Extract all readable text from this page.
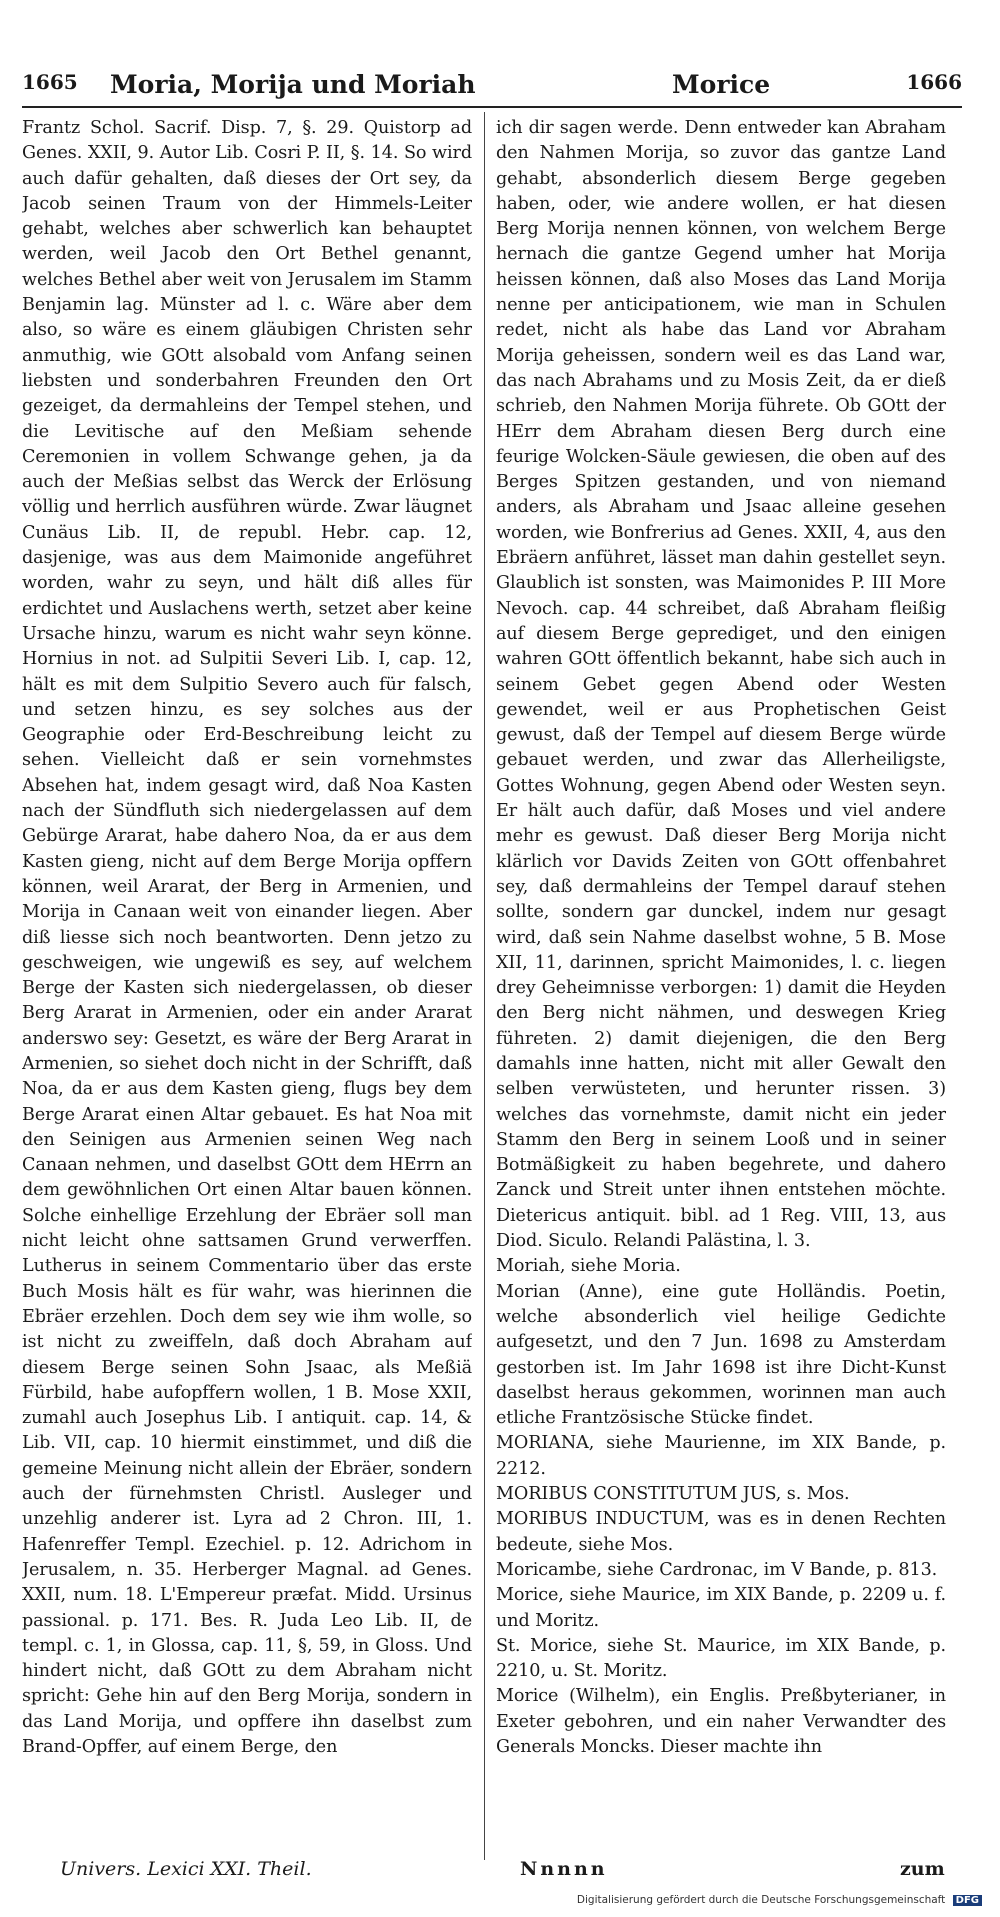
1665 Moria, Morija und Moriah	Morice	1666

Frantz Schol. Sacrif. Disp. 7, §. 29. Quistorp ad Genes. XXII, 9. Autor Lib. Cosri P. II, §. 14. So wird auch dafür gehalten, daß dieses der Ort sey, da Jacob seinen Traum von der Himmels-Leiter gehabt, welches aber schwerlich kan behauptet werden, weil Jacob den Ort Bethel genannt, welches Bethel aber weit von Jerusalem im Stamm Benjamin lag. Münster ad l. c. Wäre aber dem also, so wäre es einem gläubigen Christen sehr anmuthig, wie GOtt alsobald vom Anfang seinen liebsten und sonderbahren Freunden den Ort gezeiget, da dermahleins der Tempel stehen, und die Levitische auf den Meßiam sehende Ceremonien in vollem Schwange gehen, ja da auch der Meßias selbst das Werck der Erlösung völlig und herrlich ausführen würde. Zwar läugnet Cunäus Lib. II, de republ. Hebr. cap. 12, dasjenige, was aus dem Maimonide angeführet worden, wahr zu seyn, und hält diß alles für erdichtet und Auslachens werth, setzet aber keine Ursache hinzu, warum es nicht wahr seyn könne. Hornius in not. ad Sulpitii Severi Lib. I, cap. 12, hält es mit dem Sulpitio Severo auch für falsch, und setzen hinzu, es sey solches aus der Geographie oder Erd-Beschreibung leicht zu sehen. Vielleicht daß er sein vornehmstes Absehen hat, indem gesagt wird, daß Noa Kasten nach der Sündfluth sich niedergelassen auf dem Gebürge Ararat, habe dahero Noa, da er aus dem Kasten gieng, nicht auf dem Berge Morija opffern können, weil Ararat, der Berg in Armenien, und Morija in Canaan weit von einander liegen. Aber diß liesse sich noch beantworten. Denn jetzo zu geschweigen, wie ungewiß es sey, auf welchem Berge der Kasten sich niedergelassen, ob dieser Berg Ararat in Armenien, oder ein ander Ararat anderswo sey: Gesetzt, es wäre der Berg Ararat in Armenien, so siehet doch nicht in der Schrifft, daß Noa, da er aus dem Kasten gieng, flugs bey dem Berge Ararat einen Altar gebauet. Es hat Noa mit den Seinigen aus Armenien seinen Weg nach Canaan nehmen, und daselbst GOtt dem HErrn an dem gewöhnlichen Ort einen Altar bauen können. Solche einhellige Erzehlung der Ebräer soll man nicht leicht ohne sattsamen Grund verwerffen. Lutherus in seinem Commentario über das erste Buch Mosis hält es für wahr, was hierinnen die Ebräer erzehlen. Doch dem sey wie ihm wolle, so ist nicht zu zweiffeln, daß doch Abraham auf diesem Berge seinen Sohn Jsaac, als Meßiä Fürbild, habe aufopffern wollen, 1 B. Mose XXII, zumahl auch Josephus Lib. I antiquit. cap. 14, & Lib. VII, cap. 10 hiermit einstimmet, und diß die gemeine Meinung nicht allein der Ebräer, sondern auch der fürnehmsten Christl. Ausleger und unzehlig anderer ist. Lyra ad 2 Chron. III, 1. Hafenreffer Templ. Ezechiel. p. 12. Adrichom in Jerusalem, n. 35. Herberger Magnal. ad Genes. XXII, num. 18. L'Empereur præfat. Midd. Ursinus passional. p. 171. Bes. R. Juda Leo Lib. II, de templ. c. 1, in Glossa, cap. 11, §, 59, in Gloss. Und hindert nicht, daß GOtt zu dem Abraham nicht spricht: Gehe hin auf den Berg Morija, sondern in das Land Morija, und opffere ihn daselbst zum Brand-Opffer, auf einem Berge, den

ich dir sagen werde. Denn entweder kan Abraham den Nahmen Morija, so zuvor das gantze Land gehabt, absonderlich diesem Berge gegeben haben, oder, wie andere wollen, er hat diesen Berg Morija nennen können, von welchem Berge hernach die gantze Gegend umher hat Morija heissen können, daß also Moses das Land Morija nenne per anticipationem, wie man in Schulen redet, nicht als habe das Land vor Abraham Morija geheissen, sondern weil es das Land war, das nach Abrahams und zu Mosis Zeit, da er dieß schrieb, den Nahmen Morija führete. Ob GOtt der HErr dem Abraham diesen Berg durch eine feurige Wolcken-Säule gewiesen, die oben auf des Berges Spitzen gestanden, und von niemand anders, als Abraham und Jsaac alleine gesehen worden, wie Bonfrerius ad Genes. XXII, 4, aus den Ebräern anführet, lässet man dahin gestellet seyn. Glaublich ist sonsten, was Maimonides P. III More Nevoch. cap. 44 schreibet, daß Abraham fleißig auf diesem Berge geprediget, und den einigen wahren GOtt öffentlich bekannt, habe sich auch in seinem Gebet gegen Abend oder Westen gewendet, weil er aus Prophetischen Geist gewust, daß der Tempel auf diesem Berge würde gebauet werden, und zwar das Allerheiligste, Gottes Wohnung, gegen Abend oder Westen seyn. Er hält auch dafür, daß Moses und viel andere mehr es gewust. Daß dieser Berg Morija nicht klärlich vor Davids Zeiten von GOtt offenbahret sey, daß dermahleins der Tempel darauf stehen sollte, sondern gar dunckel, indem nur gesagt wird, daß sein Nahme daselbst wohne, 5 B. Mose XII, 11, darinnen, spricht Maimonides, l. c. liegen drey Geheimnisse verborgen: 1) damit die Heyden den Berg nicht nähmen, und deswegen Krieg führeten. 2) damit diejenigen, die den Berg damahls inne hatten, nicht mit aller Gewalt den selben verwüsteten, und herunter rissen. 3) welches das vornehmste, damit nicht ein jeder Stamm den Berg in seinem Looß und in seiner Botmäßigkeit zu haben begehrete, und dahero Zanck und Streit unter ihnen entstehen möchte. Dietericus antiquit. bibl. ad 1 Reg. VIII, 13, aus Diod. Siculo. Relandi Palästina, l. 3.

Moriah, siehe Moria.

Morian (Anne), eine gute Holländis. Poetin, welche absonderlich viel heilige Gedichte aufgesetzt, und den 7 Jun. 1698 zu Amsterdam gestorben ist. Im Jahr 1698 ist ihre Dicht-Kunst daselbst heraus gekommen, worinnen man auch etliche Frantzösische Stücke findet.

MORIANA, siehe Maurienne, im XIX Bande, p. 2212.

MORIBUS CONSTITUTUM JUS, s. Mos.

MORIBUS INDUCTUM, was es in denen Rechten bedeute, siehe Mos.

Moricambe, siehe Cardronac, im V Bande, p. 813.

Morice, siehe Maurice, im XIX Bande, p. 2209 u. f. und Moritz.

St. Morice, siehe St. Maurice, im XIX Bande, p. 2210, u. St. Moritz.

Morice (Wilhelm), ein Englis. Preßbyterianer, in Exeter gebohren, und ein naher Verwandter des Generals Moncks. Dieser machte ihn

Univers. Lexici XXI. Theil.	Nnnnn	zum
Digitalisierung gefördert durch die Deutsche Forschungsgemeinschaft DFG
